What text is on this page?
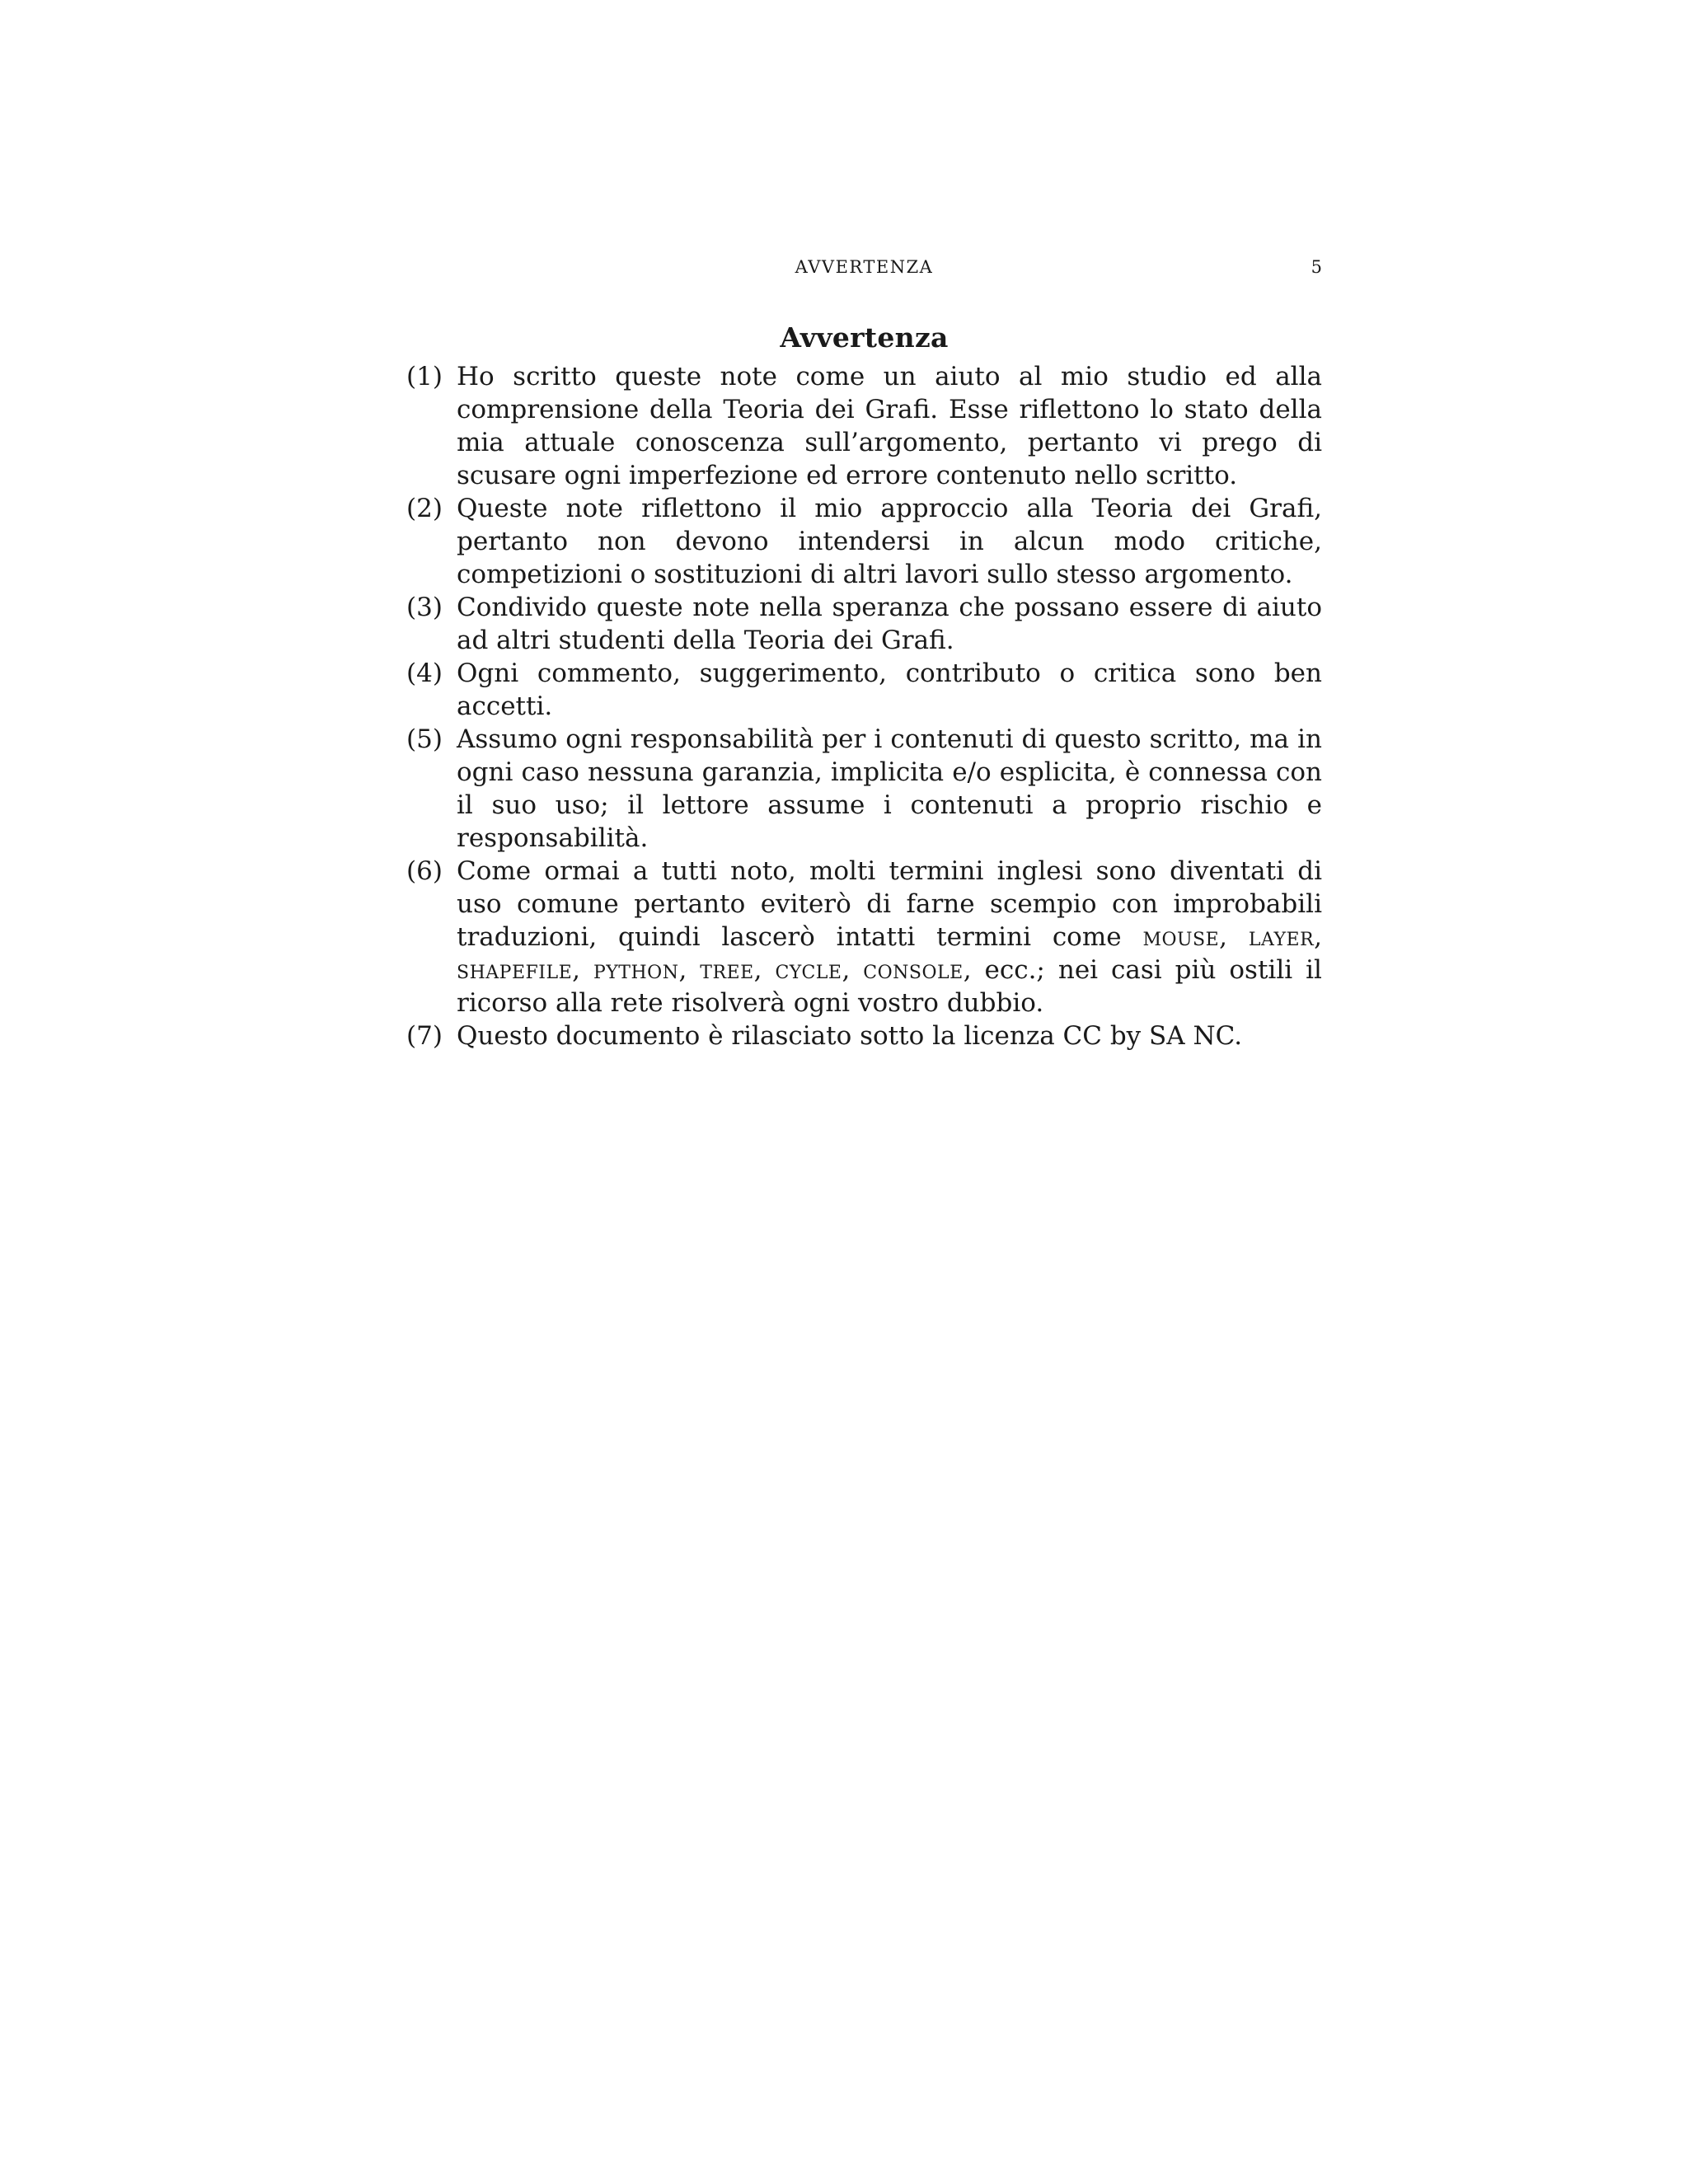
AVVERTENZA	5
Avvertenza
(1) Ho scritto queste note come un aiuto al mio studio ed alla comprensione della Teoria dei Grafi. Esse riflettono lo stato della mia attuale conoscenza sull’argomento, pertanto vi prego di scusare ogni imperfezione ed errore contenuto nello scritto.
(2) Queste note riflettono il mio approccio alla Teoria dei Grafi, pertanto non devono intendersi in alcun modo critiche, competizioni o sostituzioni di altri lavori sullo stesso argomento.
(3) Condivido queste note nella speranza che possano essere di aiuto ad altri studenti della Teoria dei Grafi.
(4) Ogni commento, suggerimento, contributo o critica sono ben accetti.
(5) Assumo ogni responsabilità per i contenuti di questo scritto, ma in ogni caso nessuna garanzia, implicita e/o esplicita, è connessa con il suo uso; il lettore assume i contenuti a proprio rischio e responsabilità.
(6) Come ormai a tutti noto, molti termini inglesi sono diventati di uso comune pertanto eviterò di farne scempio con improbabili traduzioni, quindi lascerò intatti termini come mouse, layer, shapefile, python, tree, cycle, console, ecc.; nei casi più ostili il ricorso alla rete risolverà ogni vostro dubbio.
(7) Questo documento è rilasciato sotto la licenza CC by SA NC.
